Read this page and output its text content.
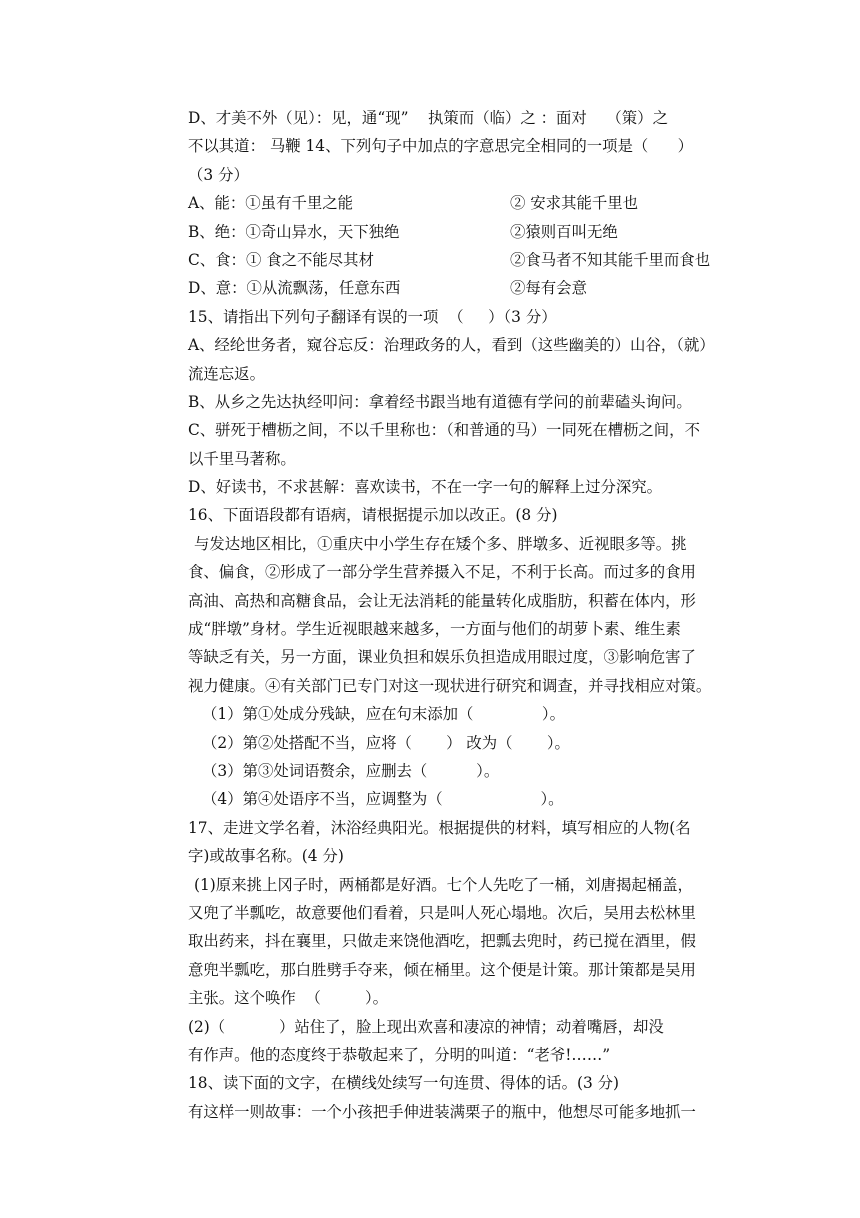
D、才美不外（见）：见，通“现”    执策而（临）之 ：面对    （策）之
不以其道： 马鞭 14、下列句子中加点的字意思完全相同的一项是（      ）
（3 分）
A、能：①虽有千里之能	② 安求其能千里也
B、绝：①奇山异水，天下独绝	②猿则百叫无绝
C、食：① 食之不能尽其材	②食马者不知其能千里而食也
D、意：①从流飘荡，任意东西	②每有会意
15、请指出下列句子翻译有误的一项  （     ）（3 分）
A、经纶世务者，窥谷忘反：治理政务的人，看到（这些幽美的）山谷，（就）
流连忘返。
B、从乡之先达执经叩问：拿着经书跟当地有道德有学问的前辈磕头询问。
C、骈死于槽枥之间，不以千里称也：（和普通的马）一同死在槽枥之间，不
以千里马著称。
D、好读书，不求甚解：喜欢读书，不在一字一句的解释上过分深究。
16、下面语段都有语病，请根据提示加以改正。(8 分)
与发达地区相比，①重庆中小学生存在矮个多、胖墩多、近视眼多等。挑
食、偏食，②形成了一部分学生营养摄入不足，不利于长高。而过多的食用
高油、高热和高糖食品，会让无法消耗的能量转化成脂肪，积蓄在体内，形
成“胖墩”身材。学生近视眼越来越多，一方面与他们的胡萝卜素、维生素
等缺乏有关，另一方面，课业负担和娱乐负担造成用眼过度，③影响危害了
视力健康。④有关部门已专门对这一现状进行研究和调查，并寻找相应对策。
（1）第①处成分残缺，应在句末添加（              ）。
（2）第②处搭配不当，应将（       ） 改为（       ）。
（3）第③处词语赘余，应删去（          ）。
（4）第④处语序不当，应调整为（                    ）。
17、走进文学名着，沐浴经典阳光。根据提供的材料，填写相应的人物(名
字)或故事名称。(4 分)
(1)原来挑上冈子时，两桶都是好酒。七个人先吃了一桶，刘唐揭起桶盖，
又兜了半瓢吃，故意要他们看着，只是叫人死心塌地。次后，吴用去松林里
取出药来，抖在襄里，只做走来饶他酒吃，把瓢去兜时，药已搅在酒里，假
意兜半瓢吃，那白胜劈手夺来，倾在桶里。这个便是计策。那计策都是吴用
主张。这个唤作  （         ）。
(2)（           ）站住了，脸上现出欢喜和凄凉的神情；动着嘴唇，却没
有作声。他的态度终于恭敬起来了，分明的叫道：“老爷!……”
18、读下面的文字，在横线处续写一句连贯、得体的话。(3 分)
有这样一则故事：一个小孩把手伸进装满栗子的瓶中，他想尽可能多地抓一
